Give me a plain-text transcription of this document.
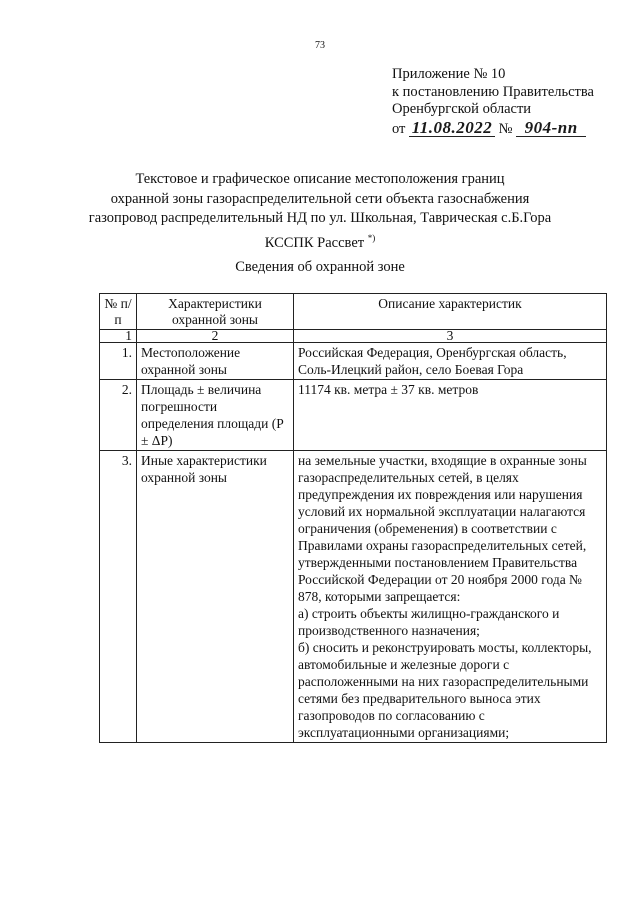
73
Приложение № 10
к постановлению Правительства
Оренбургской области
от 11.08.2022 № 904-пп
Текстовое и графическое описание местоположения границ
охранной зоны газораспределительной сети объекта газоснабжения
газопровод распределительный НД по ул. Школьная, Таврическая с.Б.Гора
КССПК Рассвет *)
Сведения об охранной зоне
№ п/п	Характеристики охранной зоны	Описание характеристик
1	2	3
1.	Местоположение охранной зоны	Российская Федерация, Оренбургская область, Соль-Илецкий район, село Боевая Гора
2.	Площадь ± величина погрешности определения площади (P ± ΔP)	11174 кв. метра ± 37 кв. метров
3.	Иные характеристики охранной зоны	на земельные участки, входящие в охранные зоны газораспределительных сетей, в целях предупреждения их повреждения или нарушения условий их нормальной эксплуатации налагаются ограничения (обременения) в соответствии с Правилами охраны газораспределительных сетей, утвержденными постановлением Правительства Российской Федерации от 20 ноября 2000 года № 878, которыми запрещается:
а) строить объекты жилищно-гражданского и производственного назначения;
б) сносить и реконструировать мосты, коллекторы, автомобильные и железные дороги с расположенными на них газораспределительными сетями без предварительного выноса этих газопроводов по согласованию с эксплуатационными организациями;
